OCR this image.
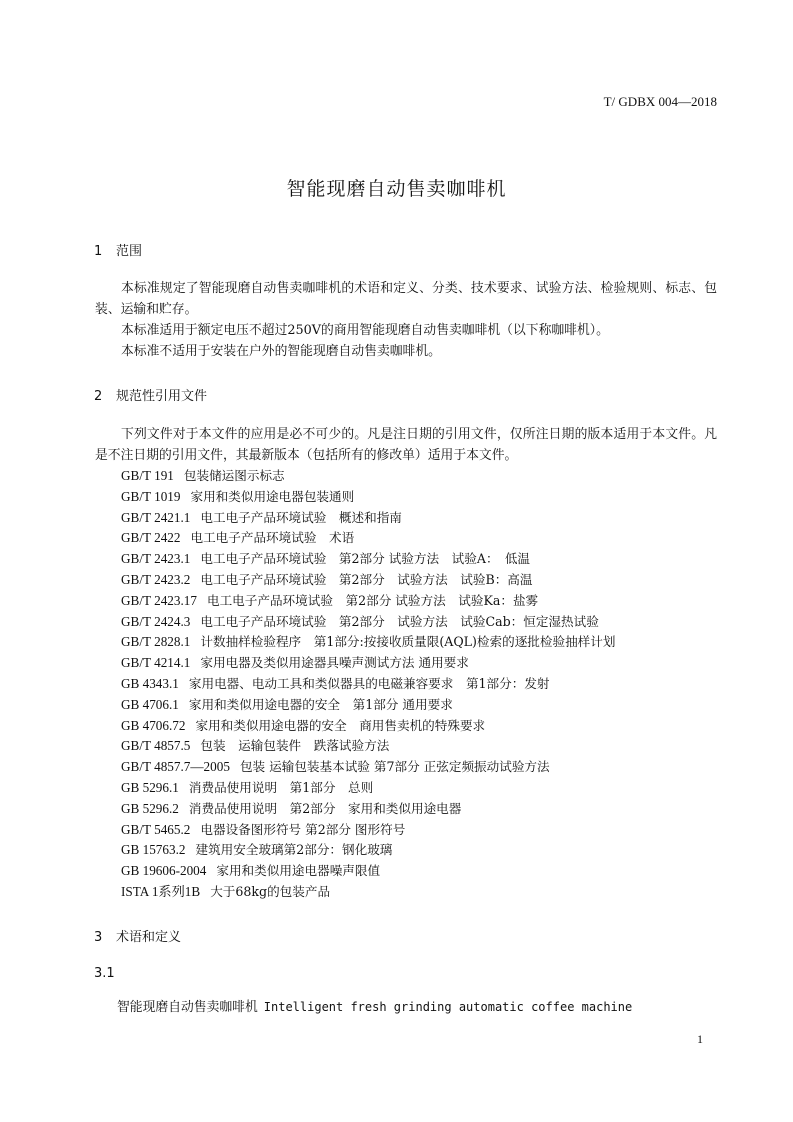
T/ GDBX 004—2018
智能现磨自动售卖咖啡机
1 范围

本标准规定了智能现磨自动售卖咖啡机的术语和定义、分类、技术要求、试验方法、检验规则、标志、包装、运输和贮存。

本标准适用于额定电压不超过250V的商用智能现磨自动售卖咖啡机（以下称咖啡机）。

本标准不适用于安装在户外的智能现磨自动售卖咖啡机。

2 规范性引用文件

下列文件对于本文件的应用是必不可少的。凡是注日期的引用文件，仅所注日期的版本适用于本文件。凡是不注日期的引用文件，其最新版本（包括所有的修改单）适用于本文件。

GB/T 191 包装储运图示标志
GB/T 1019 家用和类似用途电器包装通则
GB/T 2421.1 电工电子产品环境试验　概述和指南
GB/T 2422 电工电子产品环境试验　术语
GB/T 2423.1 电工电子产品环境试验　第2部分 试验方法　试验A：　低温
GB/T 2423.2 电工电子产品环境试验　第2部分　试验方法　试验B：高温
GB/T 2423.17 电工电子产品环境试验　第2部分 试验方法　试验Ka：盐雾
GB/T 2424.3 电工电子产品环境试验　第2部分　试验方法　试验Cab：恒定湿热试验
GB/T 2828.1 计数抽样检验程序　第1部分:按接收质量限(AQL)检索的逐批检验抽样计划
GB/T 4214.1 家用电器及类似用途器具噪声测试方法 通用要求
GB 4343.1 家用电器、电动工具和类似器具的电磁兼容要求　第1部分：发射
GB 4706.1 家用和类似用途电器的安全　第1部分 通用要求
GB 4706.72 家用和类似用途电器的安全　商用售卖机的特殊要求
GB/T 4857.5 包装　运输包装件　跌落试验方法
GB/T 4857.7—2005 包装 运输包装基本试验 第7部分 正弦定频振动试验方法
GB 5296.1 消费品使用说明　第1部分　总则
GB 5296.2 消费品使用说明　第2部分　家用和类似用途电器
GB/T 5465.2 电器设备图形符号 第2部分 图形符号
GB 15763.2 建筑用安全玻璃第2部分：钢化玻璃
GB 19606-2004 家用和类似用途电器噪声限值
ISTA 1系列1B 大于68kg的包装产品
3 术语和定义
3.1
智能现磨自动售卖咖啡机 Intelligent fresh grinding automatic coffee machine
1
